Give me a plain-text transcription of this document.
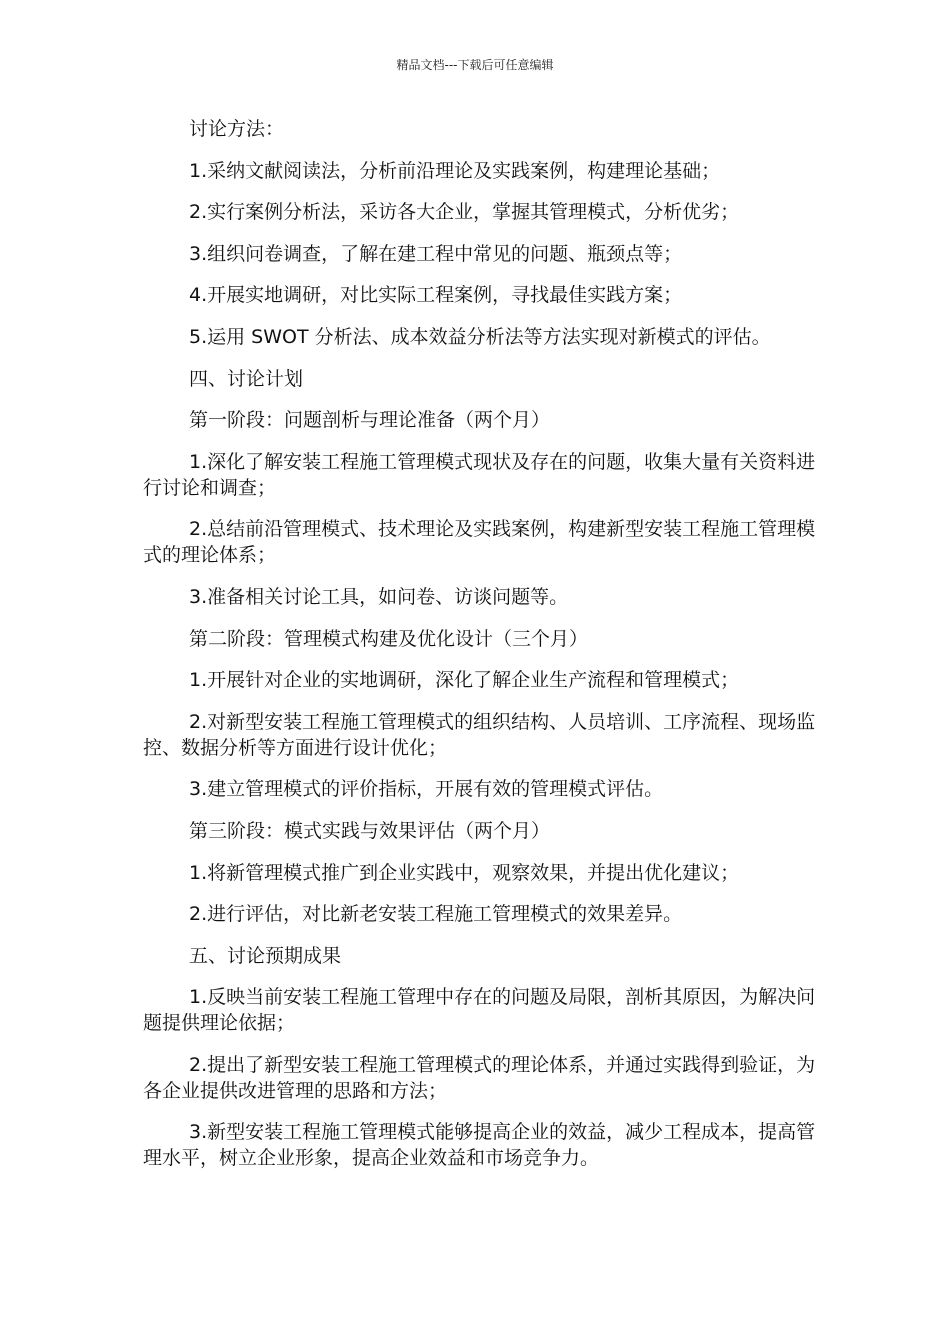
精品文档---下载后可任意编辑

讨论方法：

1.采纳文献阅读法，分析前沿理论及实践案例，构建理论基础；

2.实行案例分析法，采访各大企业，掌握其管理模式，分析优劣；

3.组织问卷调查，了解在建工程中常见的问题、瓶颈点等；

4.开展实地调研，对比实际工程案例，寻找最佳实践方案；

5.运用 SWOT 分析法、成本效益分析法等方法实现对新模式的评估。

四、讨论计划

第一阶段：问题剖析与理论准备（两个月）

1.深化了解安装工程施工管理模式现状及存在的问题，收集大量有关资料进行讨论和调查；

2.总结前沿管理模式、技术理论及实践案例，构建新型安装工程施工管理模式的理论体系；

3.准备相关讨论工具，如问卷、访谈问题等。

第二阶段：管理模式构建及优化设计（三个月）

1.开展针对企业的实地调研，深化了解企业生产流程和管理模式；

2.对新型安装工程施工管理模式的组织结构、人员培训、工序流程、现场监控、数据分析等方面进行设计优化；

3.建立管理模式的评价指标，开展有效的管理模式评估。

第三阶段：模式实践与效果评估（两个月）

1.将新管理模式推广到企业实践中，观察效果，并提出优化建议；

2.进行评估，对比新老安装工程施工管理模式的效果差异。

五、讨论预期成果

1.反映当前安装工程施工管理中存在的问题及局限，剖析其原因，为解决问题提供理论依据；

2.提出了新型安装工程施工管理模式的理论体系，并通过实践得到验证，为各企业提供改进管理的思路和方法；

3.新型安装工程施工管理模式能够提高企业的效益，减少工程成本，提高管理水平，树立企业形象，提高企业效益和市场竞争力。
